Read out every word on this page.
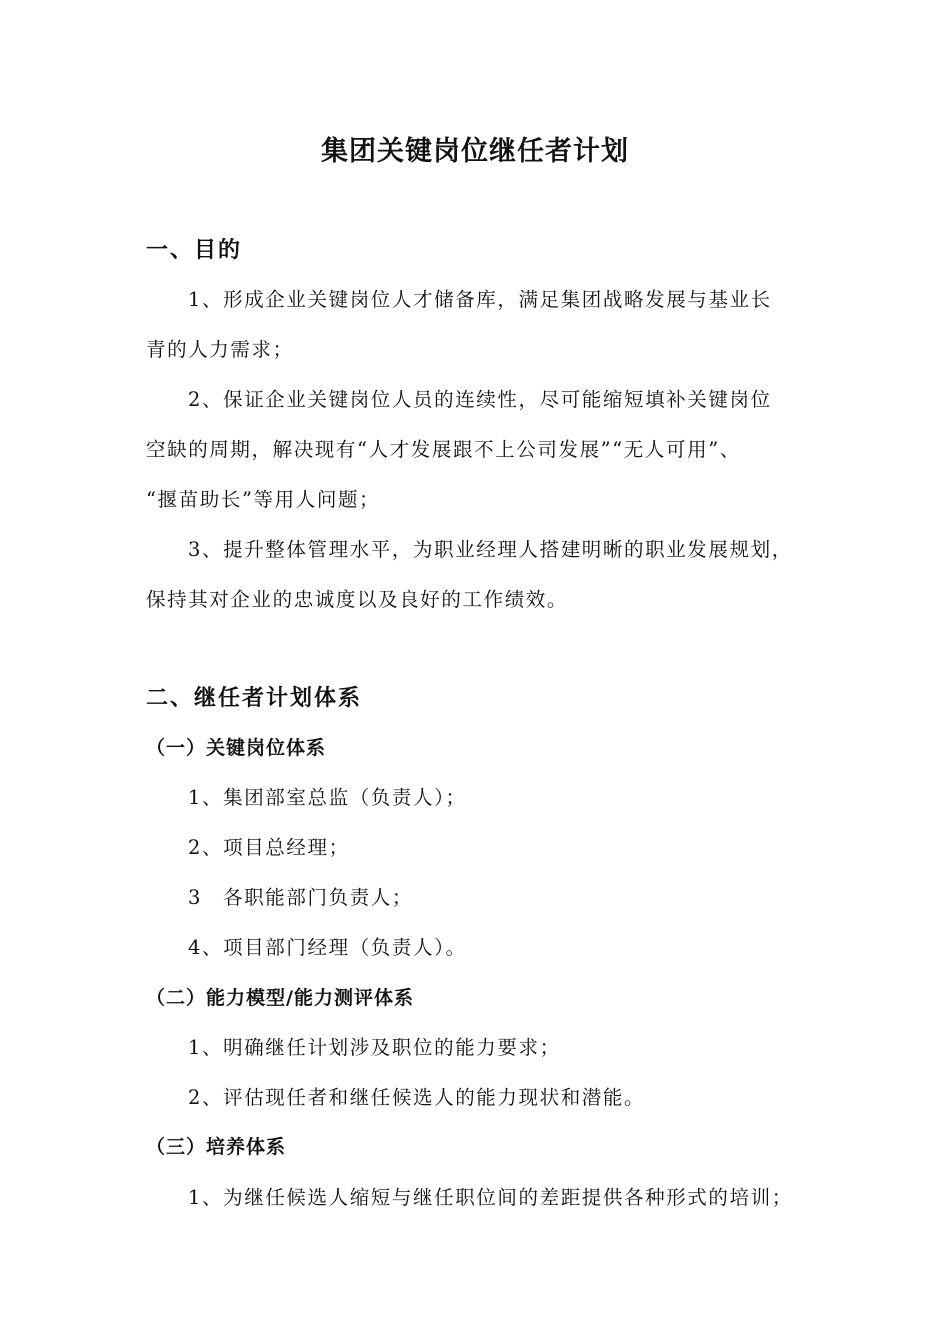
集团关键岗位继任者计划
一、目的
1、形成企业关键岗位人才储备库，满足集团战略发展与基业长
青的人力需求；
2、保证企业关键岗位人员的连续性，尽可能缩短填补关键岗位
空缺的周期，解决现有“人才发展跟不上公司发展”“无人可用”、
“揠苗助长”等用人问题；
3、提升整体管理水平，为职业经理人搭建明晰的职业发展规划，
保持其对企业的忠诚度以及良好的工作绩效。
二、继任者计划体系
（一）关键岗位体系
1、集团部室总监（负责人）；
2、项目总经理；
3　各职能部门负责人；
4、项目部门经理（负责人）。
（二）能力模型/能力测评体系
1、明确继任计划涉及职位的能力要求；
2、评估现任者和继任候选人的能力现状和潜能。
（三）培养体系
1、为继任候选人缩短与继任职位间的差距提供各种形式的培训；
